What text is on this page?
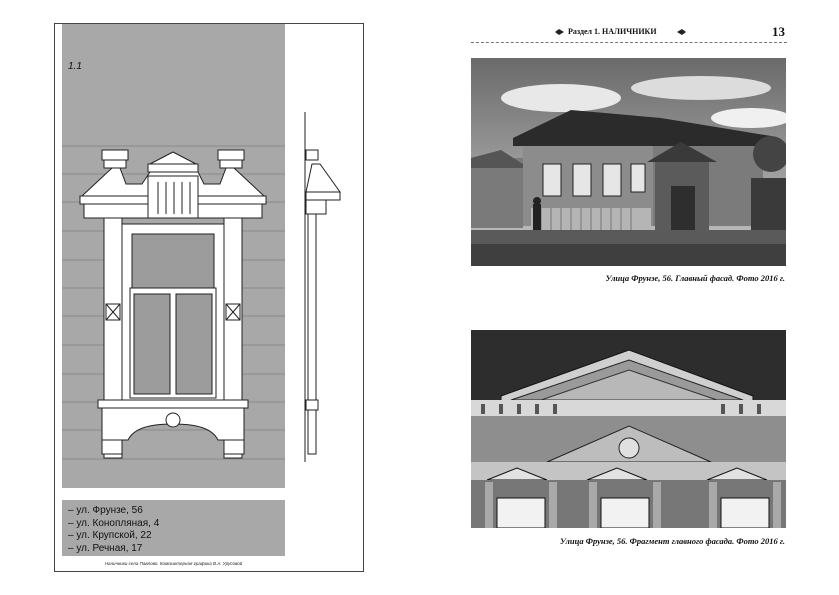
1.1
– ул. Фрунзе, 56
– ул. Конопляная, 4
– ул. Крупской, 22
– ул. Речная, 17
Наличники села Павлово. Компьютерная графика В.А. Урусовой
Раздел 1. НАЛИЧНИКИ	13
Улица Фрунзе, 56. Главный фасад. Фото 2016 г.
Улица Фрунзе, 56. Фрагмент главного фасада. Фото 2016 г.
